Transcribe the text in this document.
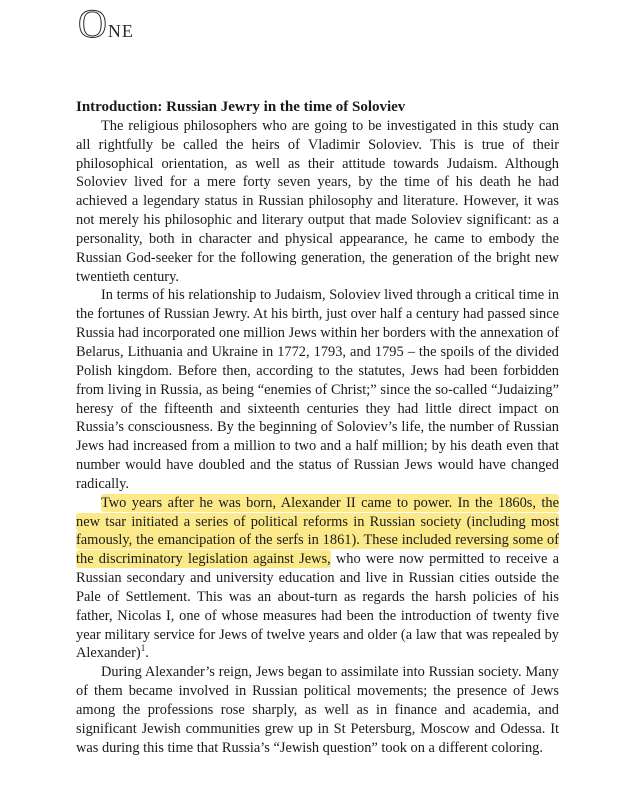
One

Introduction: Russian Jewry in the time of Soloviev

The religious philosophers who are going to be investigated in this study can all rightfully be called the heirs of Vladimir Soloviev. This is true of their philosophical orientation, as well as their attitude towards Judaism. Although Soloviev lived for a mere forty seven years, by the time of his death he had achieved a legendary status in Russian philosophy and literature. However, it was not merely his philosophic and literary output that made Soloviev significant: as a personality, both in character and physical appearance, he came to embody the Russian God-seeker for the following generation, the generation of the bright new twentieth century.

In terms of his relationship to Judaism, Soloviev lived through a critical time in the fortunes of Russian Jewry. At his birth, just over half a century had passed since Russia had incorporated one million Jews within her borders with the annexation of Belarus, Lithuania and Ukraine in 1772, 1793, and 1795 – the spoils of the divided Polish kingdom. Before then, according to the statutes, Jews had been forbidden from living in Russia, as being “enemies of Christ;” since the so-called “Judaizing” heresy of the fifteenth and sixteenth centuries they had little direct impact on Russia’s consciousness. By the beginning of Soloviev’s life, the number of Russian Jews had increased from a million to two and a half million; by his death even that number would have doubled and the status of Russian Jews would have changed radically.

Two years after he was born, Alexander II came to power. In the 1860s, the new tsar initiated a series of political reforms in Russian society (including most famously, the emancipation of the serfs in 1861). These included reversing some of the discriminatory legislation against Jews, who were now permitted to receive a Russian secondary and university education and live in Russian cities outside the Pale of Settlement. This was an about-turn as regards the harsh policies of his father, Nicolas I, one of whose measures had been the introduction of twenty five year military service for Jews of twelve years and older (a law that was repealed by Alexander)$^1$.

During Alexander’s reign, Jews began to assimilate into Russian society. Many of them became involved in Russian political movements; the presence of Jews among the professions rose sharply, as well as in finance and academia, and significant Jewish communities grew up in St Petersburg, Moscow and Odessa. It was during this time that Russia’s “Jewish question” took on a different coloring.
